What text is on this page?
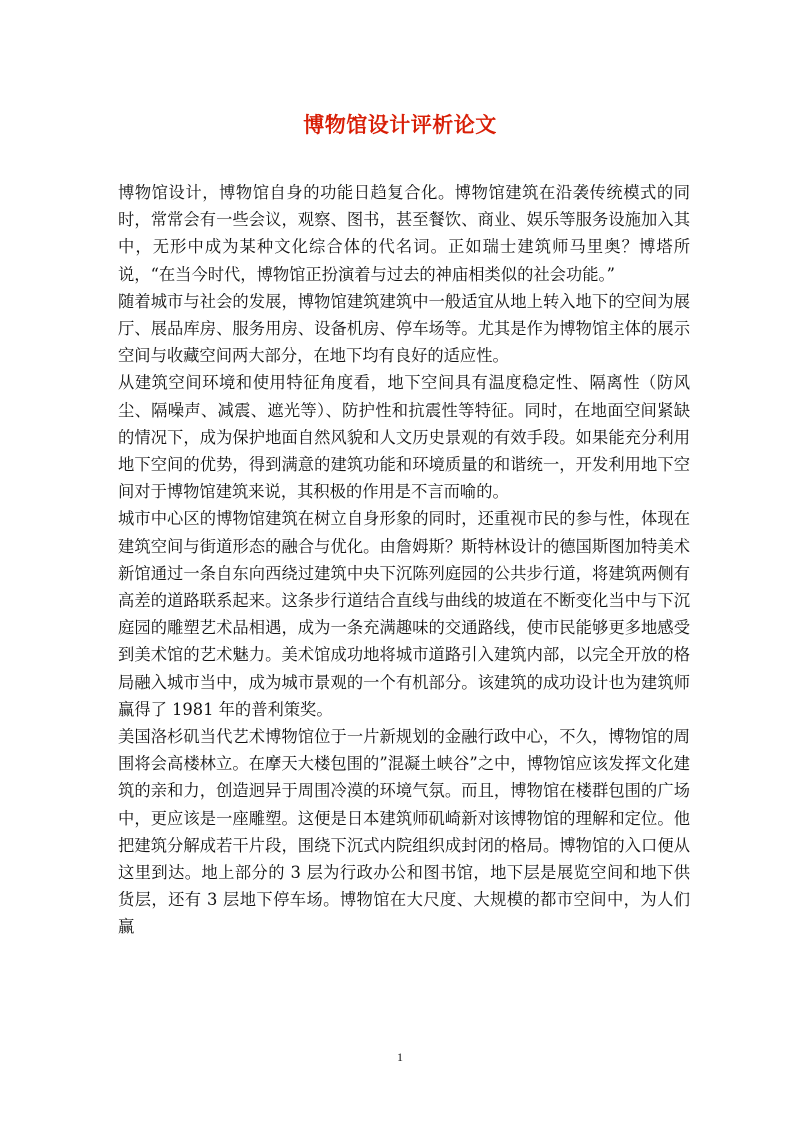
博物馆设计评析论文

博物馆设计，博物馆自身的功能日趋复合化。博物馆建筑在沿袭传统模式的同时，常常会有一些会议，观察、图书，甚至餐饮、商业、娱乐等服务设施加入其中，无形中成为某种文化综合体的代名词。正如瑞士建筑师马里奥？博塔所说，“在当今时代，博物馆正扮演着与过去的神庙相类似的社会功能。”

随着城市与社会的发展，博物馆建筑建筑中一般适宜从地上转入地下的空间为展厅、展品库房、服务用房、设备机房、停车场等。尤其是作为博物馆主体的展示空间与收藏空间两大部分，在地下均有良好的适应性。

从建筑空间环境和使用特征角度看，地下空间具有温度稳定性、隔离性（防风尘、隔噪声、减震、遮光等）、防护性和抗震性等特征。同时，在地面空间紧缺的情况下，成为保护地面自然风貌和人文历史景观的有效手段。如果能充分利用地下空间的优势，得到满意的建筑功能和环境质量的和谐统一，开发利用地下空间对于博物馆建筑来说，其积极的作用是不言而喻的。

城市中心区的博物馆建筑在树立自身形象的同时，还重视市民的参与性，体现在建筑空间与街道形态的融合与优化。由詹姆斯？斯特林设计的德国斯图加特美术新馆通过一条自东向西绕过建筑中央下沉陈列庭园的公共步行道，将建筑两侧有高差的道路联系起来。这条步行道结合直线与曲线的坡道在不断变化当中与下沉庭园的雕塑艺术品相遇，成为一条充满趣味的交通路线，使市民能够更多地感受到美术馆的艺术魅力。美术馆成功地将城市道路引入建筑内部，以完全开放的格局融入城市当中，成为城市景观的一个有机部分。该建筑的成功设计也为建筑师赢得了 1981 年的普利策奖。

美国洛杉矶当代艺术博物馆位于一片新规划的金融行政中心，不久，博物馆的周围将会高楼林立。在摩天大楼包围的”混凝土峡谷”之中，博物馆应该发挥文化建筑的亲和力，创造迥异于周围冷漠的环境气氛。而且，博物馆在楼群包围的广场中，更应该是一座雕塑。这便是日本建筑师矶崎新对该博物馆的理解和定位。他把建筑分解成若干片段，围绕下沉式内院组织成封闭的格局。博物馆的入口便从这里到达。地上部分的 3 层为行政办公和图书馆，地下层是展览空间和地下供货层，还有 3 层地下停车场。博物馆在大尺度、大规模的都市空间中，为人们赢

1
